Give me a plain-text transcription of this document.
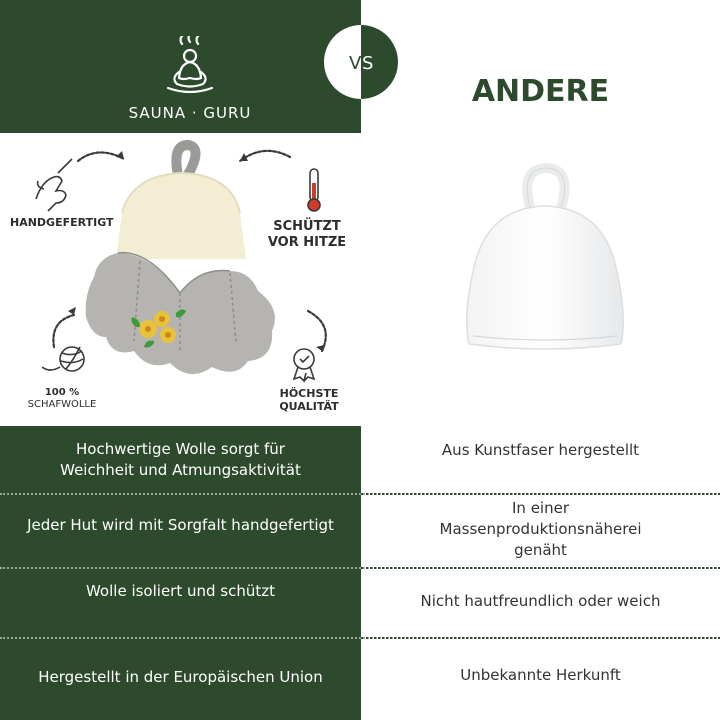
SAUNA · GURU
V S
ANDERE
HANDGEFERTIGT	SCHÜTZT
VOR HITZE
100 %
SCHAFWOLLE
HÖCHSTE
QUALITÄT
Hochwertige Wolle sorgt für Weichheit und Atmungsaktivität
Aus Kunstfaser hergestellt
Jeder Hut wird mit Sorgfalt handgefertigt
In einer Massenproduktionsnäherei genäht
Wolle isoliert und schützt
Nicht hautfreundlich oder weich
Hergestellt in der Europäischen Union	Unbekannte Herkunft
